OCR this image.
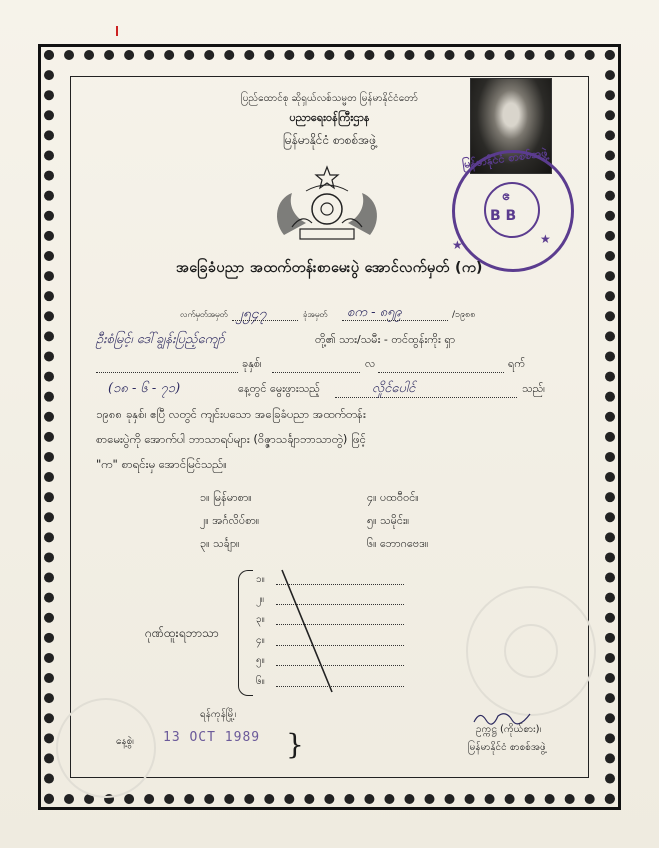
ပြည်ထောင်စု ဆိုရှယ်လစ်သမ္မတ မြန်မာနိုင်ငံတော်
ပညာရေးဝန်ကြီးဌာန
မြန်မာနိုင်ငံ စာစစ်အဖွဲ့
ဧ
B B
မြန်မာနိုင်ငံ စာစစ်အဖွဲ့
★	★
အခြေခံပညာ အထက်တန်းစာမေးပွဲ အောင်လက်မှတ် (က)
လက်မှတ်အမှတ် ၂၅၄၇	ခုံအမှတ် စက - ၈၅၉	/၁၉၈၈
ဦးစံမြင့်၊ ဒေါ်ချွန်းပြည့်ကျော်	တို့၏ သား/သမီး - တင်ထွန်းကိုး ရှာ
ခုနှစ်၊	လ	ရက်
(၁၈ - ၆ - ၇၁)	နေ့တွင် မွေးဖွားသည့်	လှိုင်ပေါင်	သည်၊
၁၉၈၈ ခုနှစ်၊ ဧပြီ လတွင် ကျင်းပသော အခြေခံပညာ အထက်တန်း
စာမေးပွဲကို အောက်ပါ ဘာသာရပ်များ (ဝိဇ္ဇာသင်္ချာဘာသာတွဲ) ဖြင့်
"က" စာရင်းမှ အောင်မြင်သည်။
၁။ မြန်မာစာ။
၂။ အင်္ဂလိပ်စာ။
၃။ သင်္ချာ။
၄။ ပထဝီဝင်။
၅။ သမိုင်း။
၆။ ဘောဂဗေဒ။
ဂုဏ်ထူးရဘာသာ
၁။
၂။
၃။
၄။
၅။
၆။
ရန်ကုန်မြို့၊
နေ့စွဲ၊ 13 OCT 1989 }	ဥက္ကဋ္ဌ (ကိုယ်စား)၊
မြန်မာနိုင်ငံ စာစစ်အဖွဲ့
